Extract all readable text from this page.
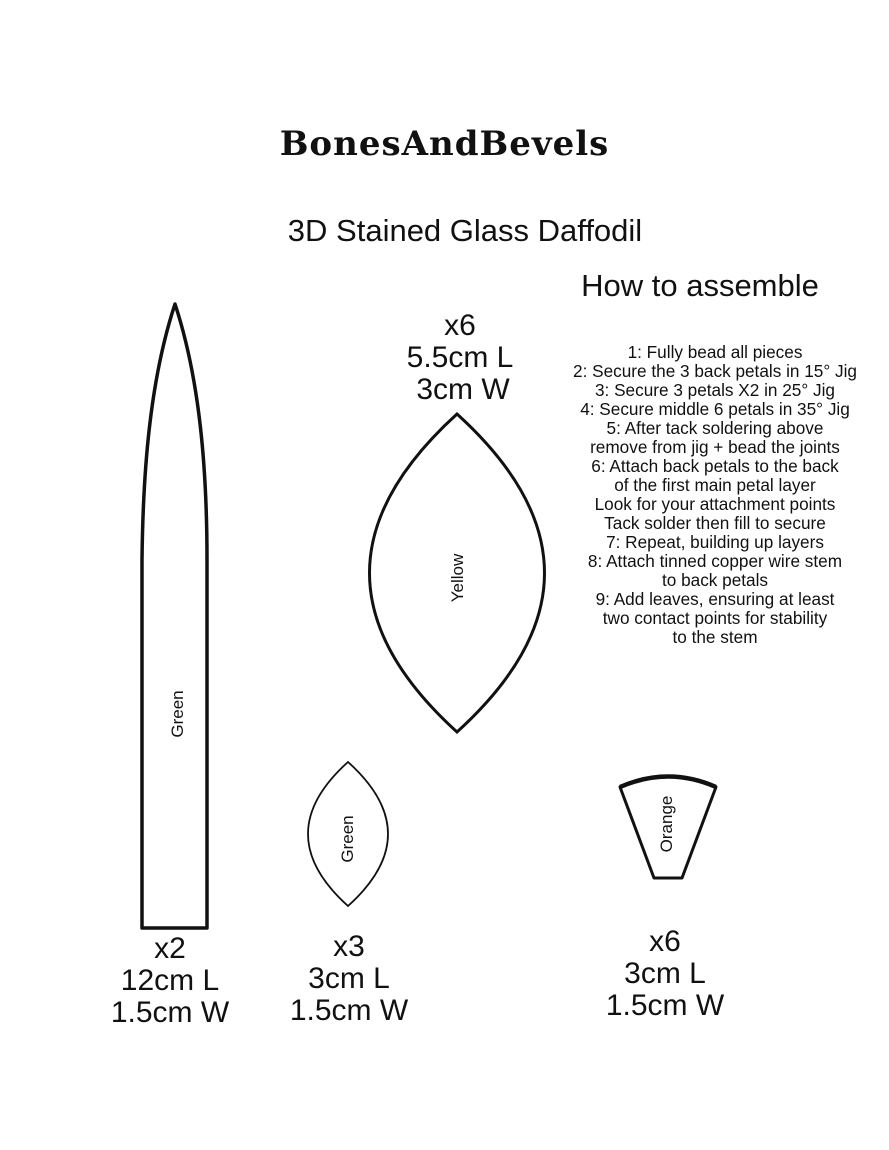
BonesAndBevels
3D Stained Glass Daffodil
How to assemble
1: Fully bead all pieces
2: Secure the 3 back petals in 15° Jig
3: Secure 3 petals X2 in 25° Jig
4: Secure middle 6 petals in 35° Jig
5: After tack soldering above
remove from jig + bead the joints
6: Attach back petals to the back
of the first main petal layer
Look for your attachment points
Tack solder then fill to secure
7: Repeat, building up layers
8: Attach tinned copper wire stem
to back petals
9: Add leaves, ensuring at least
two contact points for stability
to the stem
Green
Yellow
Green	Orange
x6
5.5cm L
3cm W
x2
12cm L
1.5cm W
x3
3cm L
1.5cm W
x6
3cm L
1.5cm W
